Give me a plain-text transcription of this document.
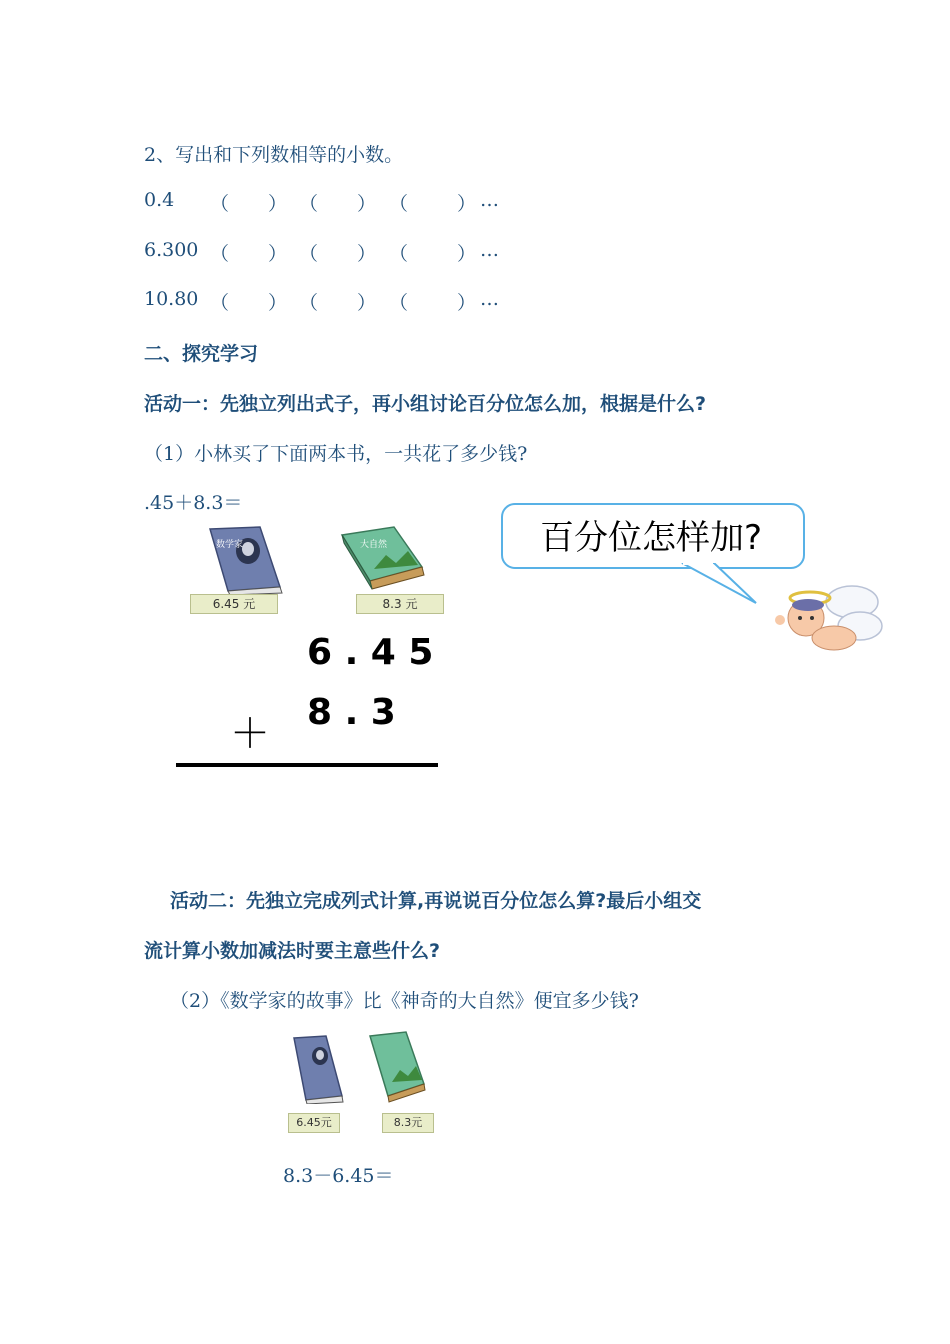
2、写出和下列数相等的小数。
0.4 （ ） （ ） （	） …
6.300 （ ） （ ） （	） …
10.80 （ ） （ ） （	） …
二、探究学习
活动一：先独立列出式子，再小组讨论百分位怎么加，根据是什么?
（1）小林买了下面两本书，一共花了多少钱?
.45＋8.3＝
数学家
6.45 元
大自然
8.3 元
百分位怎样加?
6 . 4 5
8 . 3
＋
活动二：先独立完成列式计算,再说说百分位怎么算?最后小组交
流计算小数加减法时要主意些什么?
（2）《数学家的故事》比《神奇的大自然》便宜多少钱?
6.45元	8.3元
8.3－6.45＝
